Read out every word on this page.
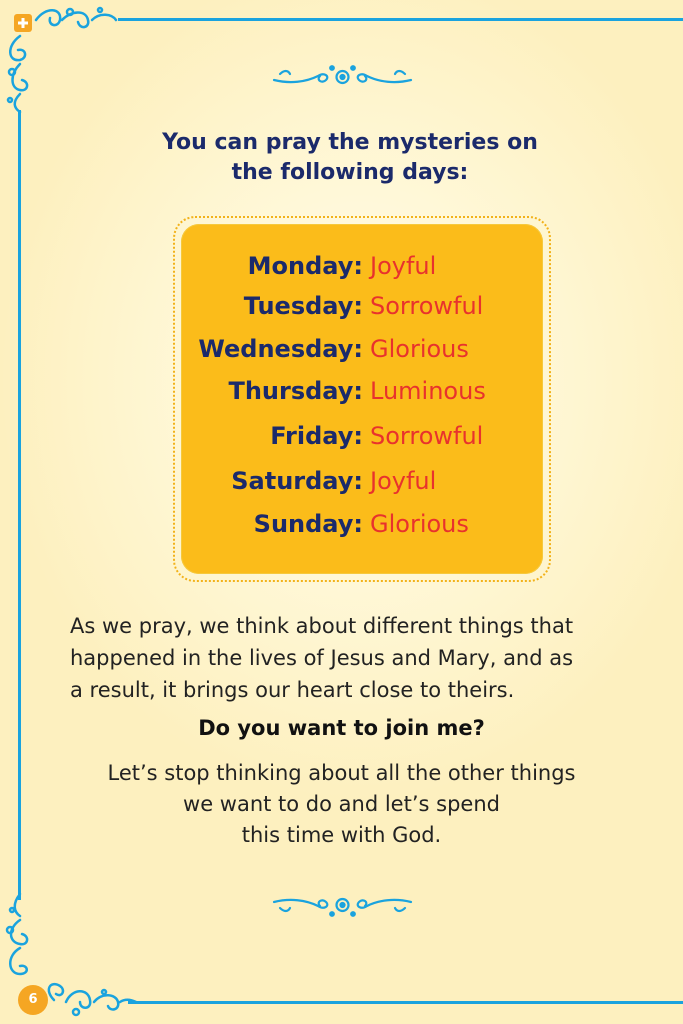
You can pray the mysteries on
the following days:
Monday: Joyful
Tuesday: Sorrowful
Wednesday: Glorious
Thursday: Luminous
Friday: Sorrowful
Saturday: Joyful
Sunday: Glorious
As we pray, we think about different things that
happened in the lives of Jesus and Mary, and as
a result, it brings our heart close to theirs.
Do you want to join me?
Let’s stop thinking about all the other things
we want to do and let’s spend
this time with God.
6
